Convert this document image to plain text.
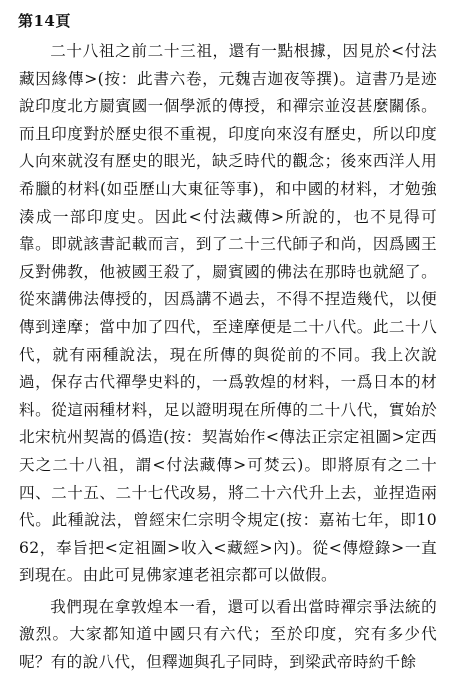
第14頁

二十八祖之前二十三祖，還有一點根據，因見於<付法藏因緣傳>(按：此書六卷，元魏吉迦夜等撰)。這書乃是迹說印度北方罽賓國一個學派的傳授，和禪宗並沒甚麼關係。而且印度對於歷史很不重視，印度向來沒有歷史，所以印度人向來就沒有歷史的眼光，缺乏時代的觀念；後來西洋人用希臘的材料(如亞歷山大東征等事)，和中國的材料，才勉強湊成一部印度史。因此<付法藏傳>所說的，也不見得可靠。即就該書記載而言，到了二十三代師子和尚，因爲國王反對佛教，他被國王殺了，罽賓國的佛法在那時也就絕了。從來講佛法傳授的，因爲講不過去，不得不捏造幾代，以便傳到達摩；當中加了四代，至達摩便是二十八代。此二十八代，就有兩種說法，現在所傳的與從前的不同。我上次說過，保存古代禪學史料的，一爲敦煌的材料，一爲日本的材料。從這兩種材料，足以證明現在所傳的二十八代，實始於北宋杭州契嵩的僞造(按：契嵩始作<傳法正宗定祖圖>定西天之二十八祖，謂<付法藏傳>可焚云)。即將原有之二十四、二十五、二十七代改易，將二十六代升上去，並捏造兩代。此種說法，曾經宋仁宗明令規定(按：嘉祐七年，即1062，奉旨把<定祖圖>收入<藏經>內)。從<傳燈錄>一直到現在。由此可見佛家連老祖宗都可以做假。

我們現在拿敦煌本一看，還可以看出當時禪宗爭法統的激烈。大家都知道中國只有六代；至於印度，究有多少代呢？有的說八代，但釋迦與孔子同時，到梁武帝時約千餘
